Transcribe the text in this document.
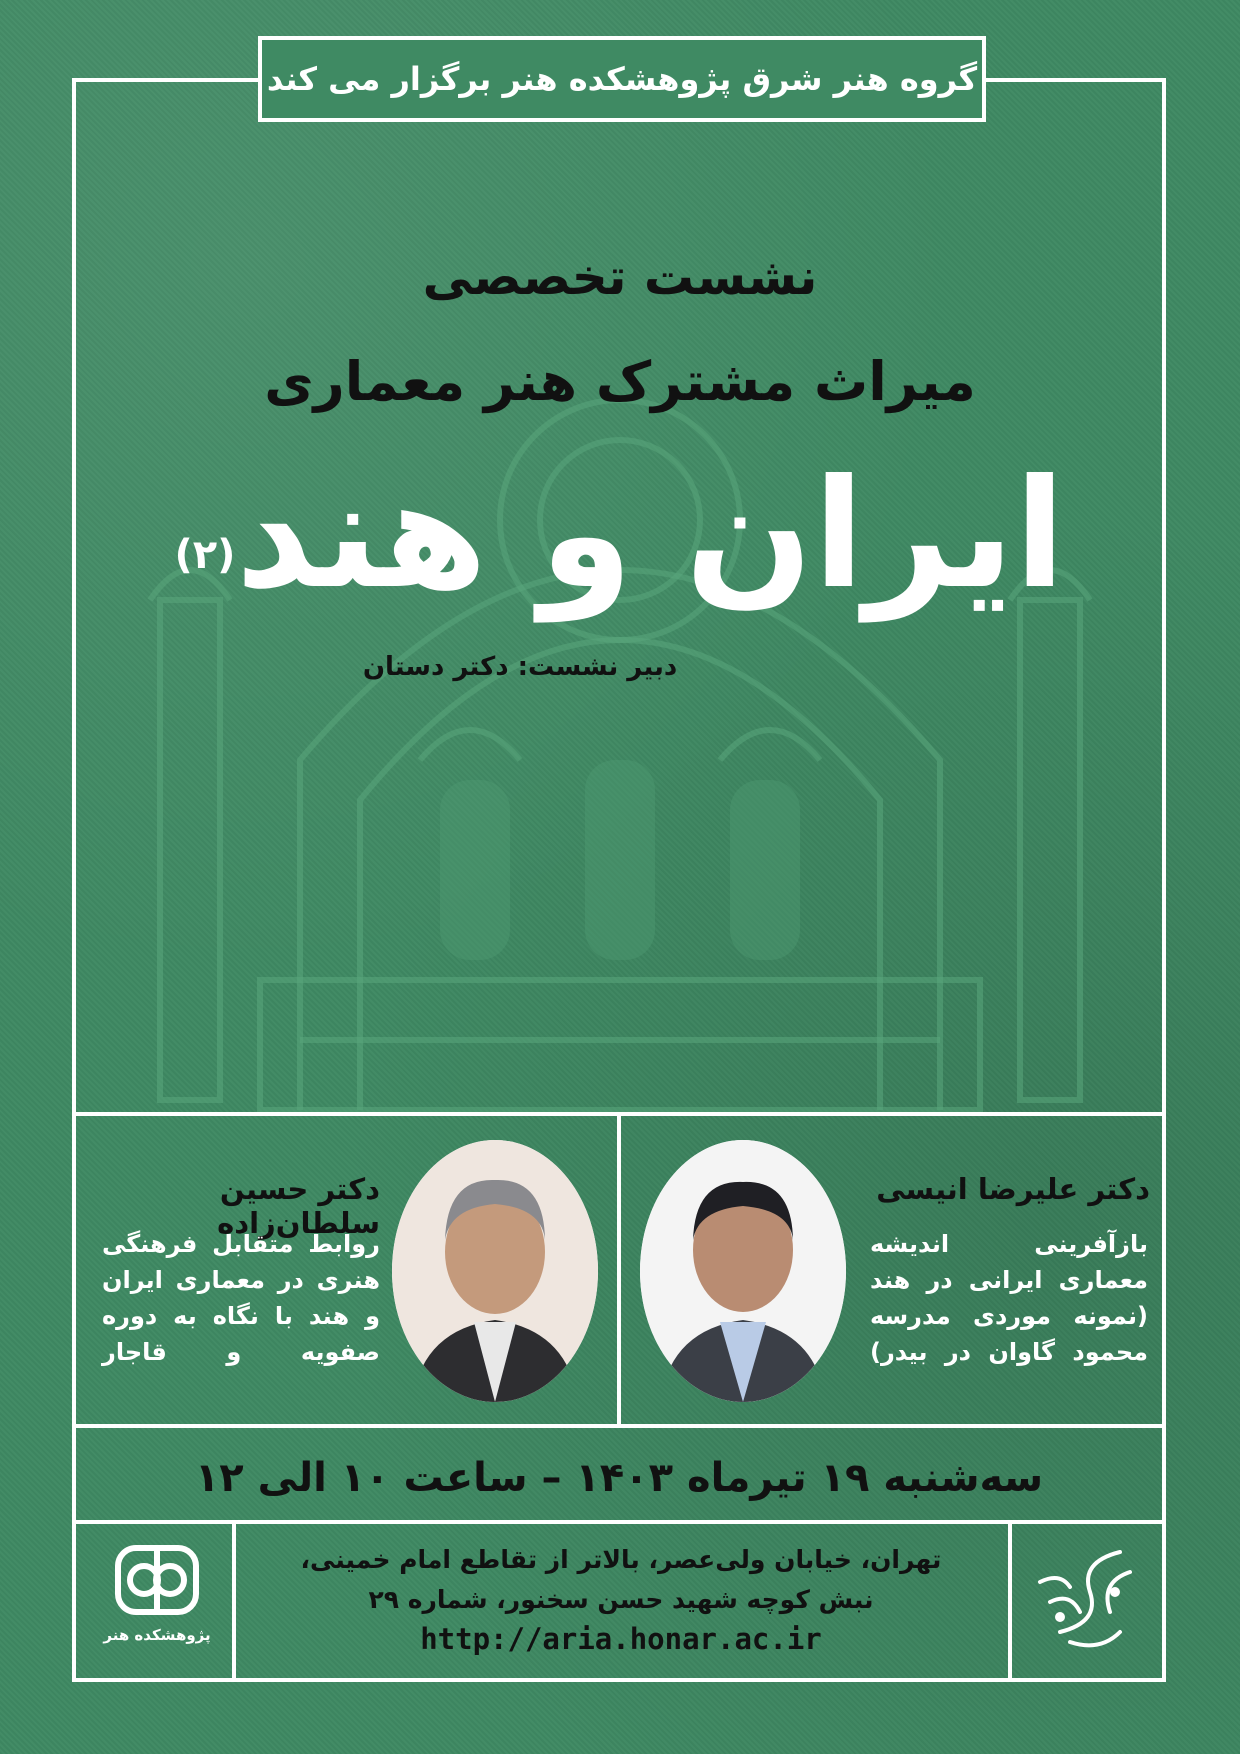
گروه هنر شرق پژوهشکده هنر برگزار می کند
نشست تخصصی
میراث مشترک هنر معماری
ایران و هند$^{(۲)}$
دبیر نشست: دکتر دستان
دکتر علیرضا انیسی
بازآفرینی اندیشه
معماری ایرانی در هند
(نمونه موردی مدرسه
محمود گاوان در بیدر)
دکتر حسین سلطان‌زاده
روابط متقابل فرهنگی
هنری در معماری ایران
و هند با نگاه به دوره
صفویه و قاجار
سه‌شنبه ۱۹ تیرماه ۱۴۰۳ – ساعت ۱۰ الی ۱۲
پژوهشکده هنر
تهران، خیابان ولی‌عصر، بالاتر از تقاطع امام خمینی،
نبش کوچه شهید حسن سخنور، شماره ۲۹
http://aria.honar.ac.ir
